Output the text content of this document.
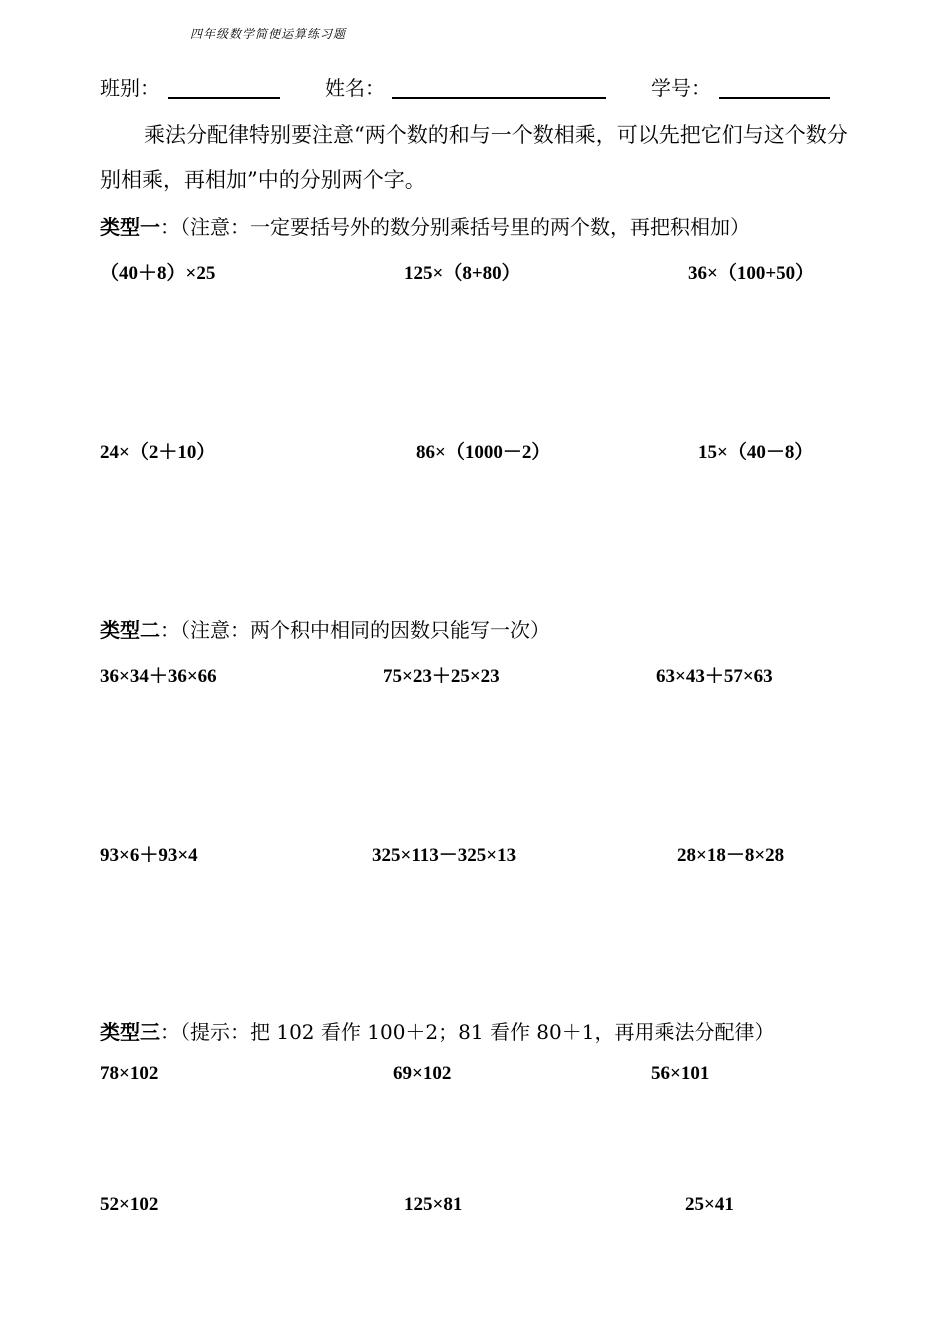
四年级数学简便运算练习题
班别：	姓名：	学号：

乘法分配律特别要注意“两个数的和与一个数相乘，可以先把它们与这个数分别相乘，再相加”中的分别两个字。

类型一：（注意：一定要括号外的数分别乘括号里的两个数，再把积相加）
（40＋8）×25	125×（8+80）	36×（100+50）
24×（2＋10）	86×（1000－2）	15×（40－8）
类型二：（注意：两个积中相同的因数只能写一次）
36×34＋36×66	75×23＋25×23	63×43＋57×63
93×6＋93×4	325×113－325×13	28×18－8×28
类型三：（提示：把 102 看作 100＋2；81 看作 80＋1，再用乘法分配律）
78×102	69×102	56×101
52×102	125×81	25×41
